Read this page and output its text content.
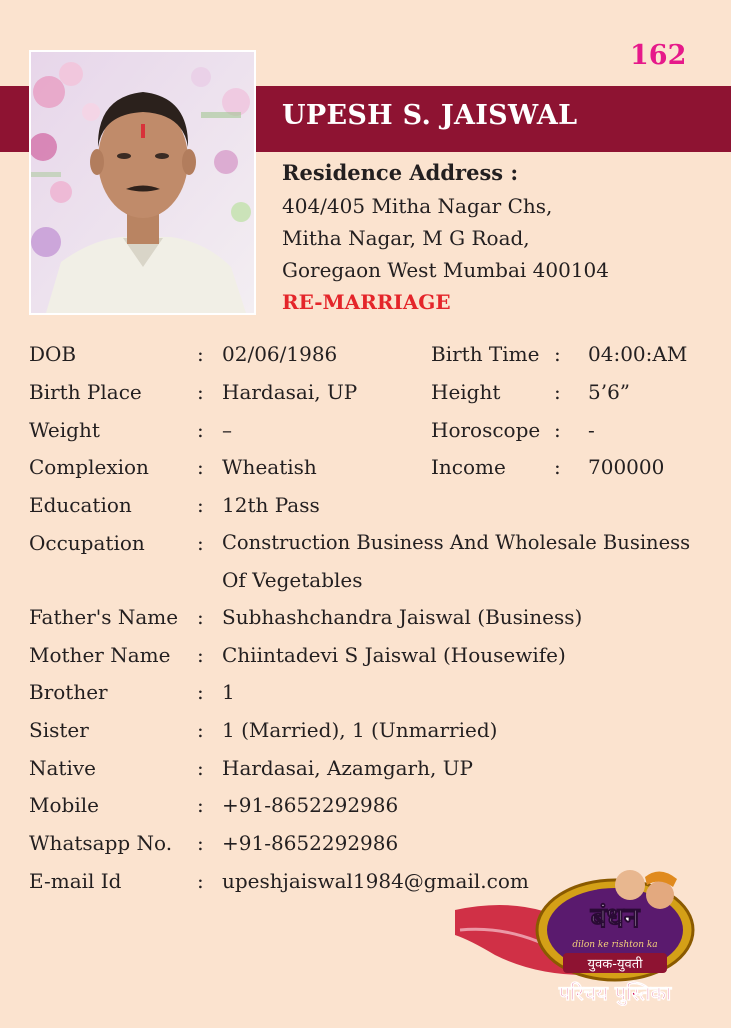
162
UPESH S. JAISWAL
Residence Address :
404/405 Mitha Nagar Chs,
Mitha Nagar, M G Road,
Goregaon West Mumbai 400104
RE-MARRIAGE
DOB	: 02/06/1986	Birth Time : 04:00:AM
Birth Place	: Hardasai, UP	Height	: 5’6”
Weight	: –	Horoscope : -
Complexion : Wheatish	Income : 700000
Education	: 12th Pass
Occupation	: Construction Business And Wholesale Business
Of Vegetables
Father's Name : Subhashchandra Jaiswal (Business)
Mother Name : Chiintadevi S Jaiswal (Housewife)
Brother	: 1
Sister	: 1 (Married), 1 (Unmarried)
Native	: Hardasai, Azamgarh, UP
Mobile	: +91-8652292986
Whatsapp No. : +91-8652292986
E-mail Id	: upeshjaiswal1984@gmail.com
बंधन
dilon ke rishton ka
युवक-युवती
परिचय पुस्तिका
